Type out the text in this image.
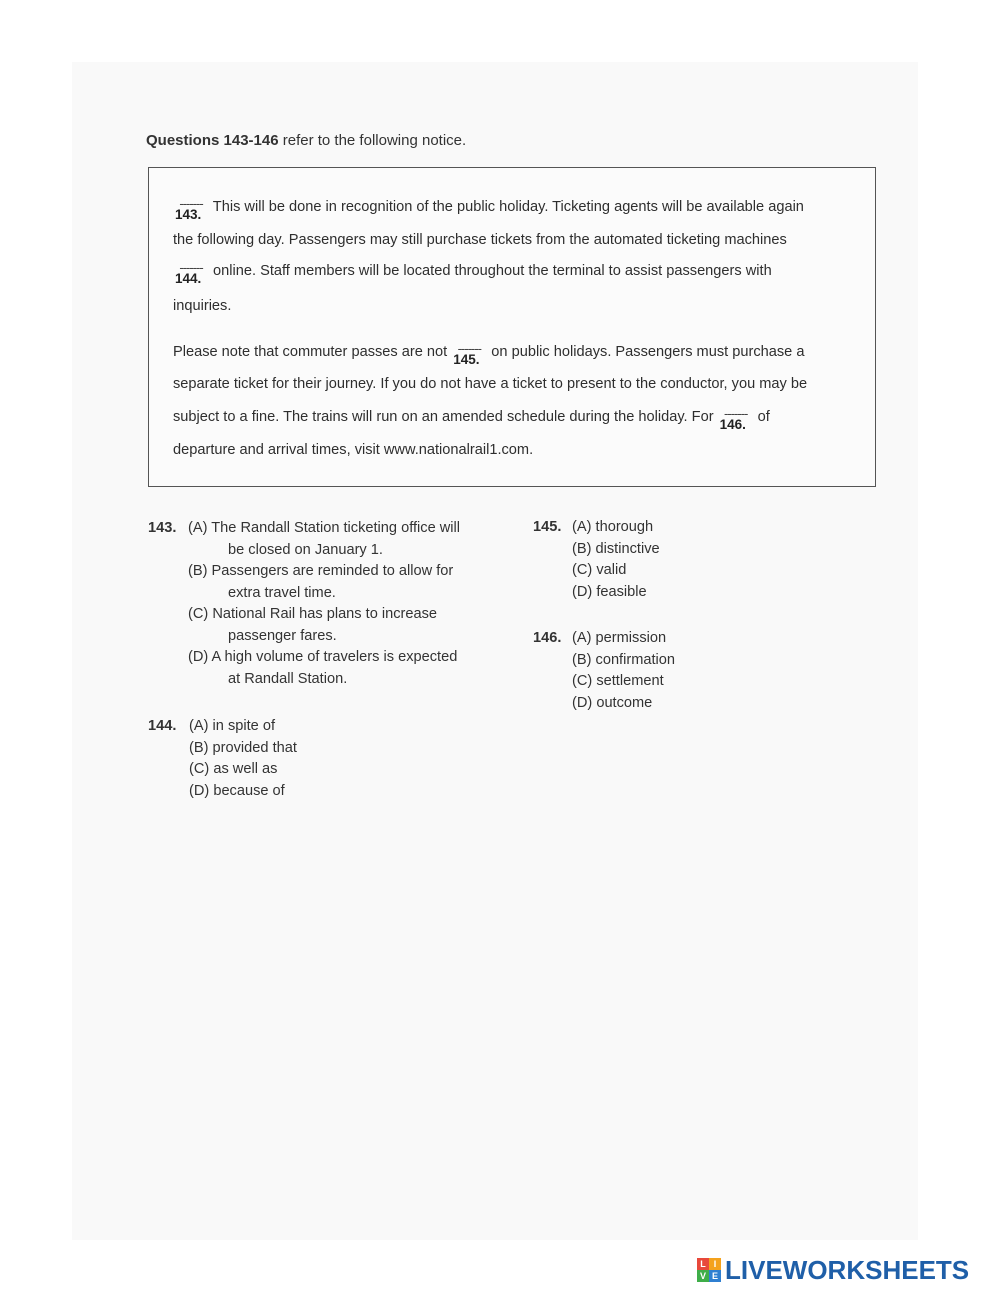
Questions 143-146 refer to the following notice.
-------
143. This will be done in recognition of the public holiday. Ticketing agents will be available again
the following day. Passengers may still purchase tickets from the automated ticketing machines
-------
144. online. Staff members will be located throughout the terminal to assist passengers with
inquiries.
Please note that commuter passes are not -------
145. on public holidays. Passengers must purchase a
separate ticket for their journey. If you do not have a ticket to present to the conductor, you may be
subject to a fine. The trains will run on an amended schedule during the holiday. For -------
146. of
departure and arrival times, visit www.nationalrail1.com.
143. (A) The Randall Station ticketing office will
be closed on January 1.
(B) Passengers are reminded to allow for
extra travel time.
(C) National Rail has plans to increase
passenger fares.
(D) A high volume of travelers is expected
at Randall Station.
144. (A) in spite of
(B) provided that
(C) as well as
(D) because of
145. (A) thorough
(B) distinctive
(C) valid
(D) feasible
146. (A) permission
(B) confirmation
(C) settlement
(D) outcome
L I
V E LIVEWORKSHEETS
